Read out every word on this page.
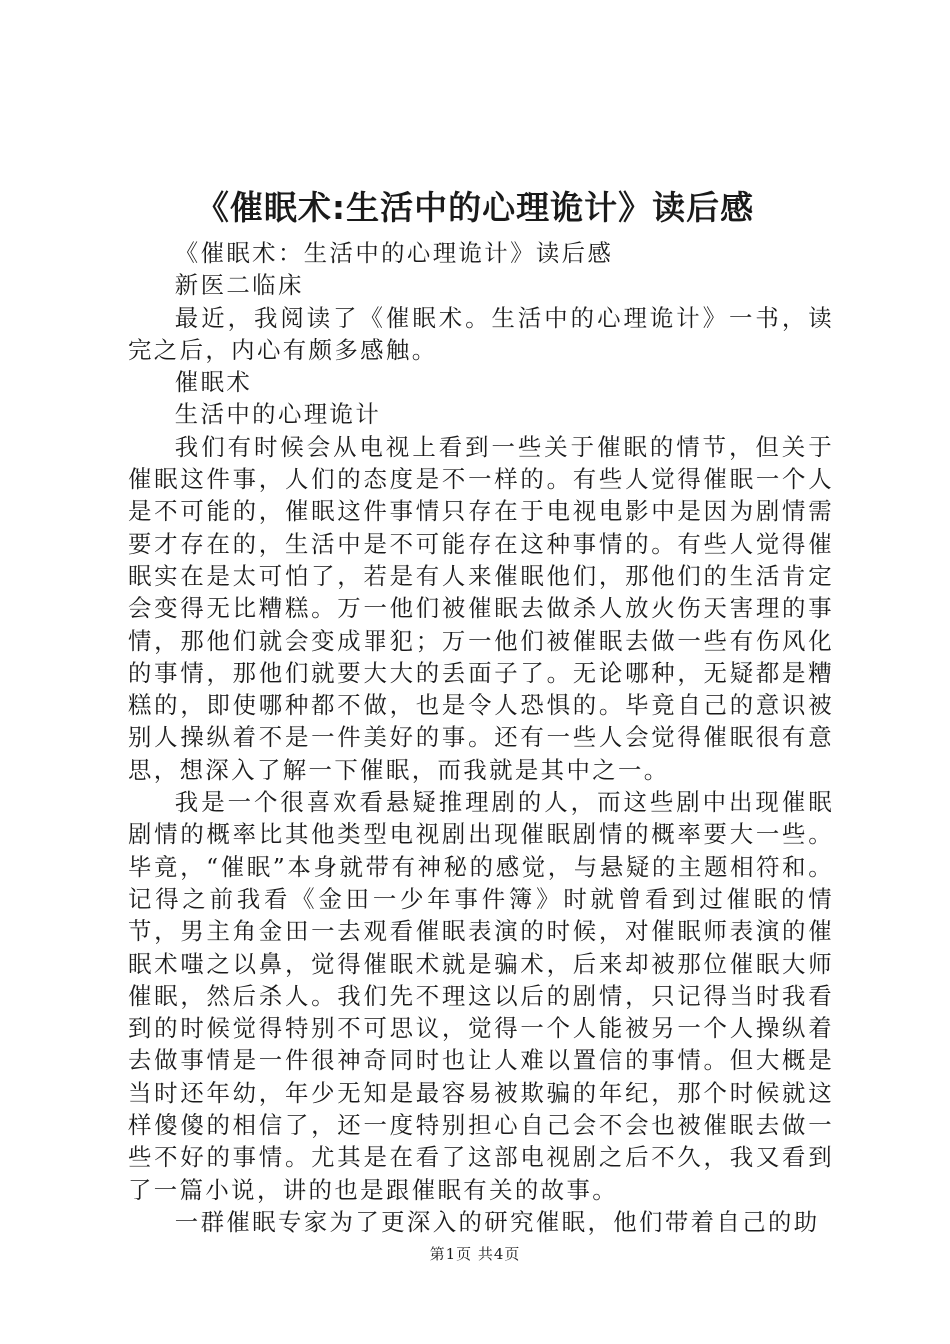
《催眠术:生活中的心理诡计》读后感

《催眠术：生活中的心理诡计》读后感

新医二临床

最近，我阅读了《催眠术。生活中的心理诡计》一书，读完之后，内心有颇多感触。

催眠术

生活中的心理诡计

我们有时候会从电视上看到一些关于催眠的情节，但关于催眠这件事，人们的态度是不一样的。有些人觉得催眠一个人是不可能的，催眠这件事情只存在于电视电影中是因为剧情需要才存在的，生活中是不可能存在这种事情的。有些人觉得催眠实在是太可怕了，若是有人来催眠他们，那他们的生活肯定会变得无比糟糕。万一他们被催眠去做杀人放火伤天害理的事情，那他们就会变成罪犯；万一他们被催眠去做一些有伤风化的事情，那他们就要大大的丢面子了。无论哪种，无疑都是糟糕的，即使哪种都不做，也是令人恐惧的。毕竟自己的意识被别人操纵着不是一件美好的事。还有一些人会觉得催眠很有意思，想深入了解一下催眠，而我就是其中之一。

我是一个很喜欢看悬疑推理剧的人，而这些剧中出现催眠剧情的概率比其他类型电视剧出现催眠剧情的概率要大一些。毕竟，“催眠”本身就带有神秘的感觉，与悬疑的主题相符和。记得之前我看《金田一少年事件簿》时就曾看到过催眠的情节，男主角金田一去观看催眠表演的时候，对催眠师表演的催眠术嗤之以鼻，觉得催眠术就是骗术，后来却被那位催眠大师催眠，然后杀人。我们先不理这以后的剧情，只记得当时我看到的时候觉得特别不可思议，觉得一个人能被另一个人操纵着去做事情是一件很神奇同时也让人难以置信的事情。但大概是当时还年幼，年少无知是最容易被欺骗的年纪，那个时候就这样傻傻的相信了，还一度特别担心自己会不会也被催眠去做一些不好的事情。尤其是在看了这部电视剧之后不久，我又看到了一篇小说，讲的也是跟催眠有关的故事。

一群催眠专家为了更深入的研究催眠，他们带着自己的助

第1页 共4页
